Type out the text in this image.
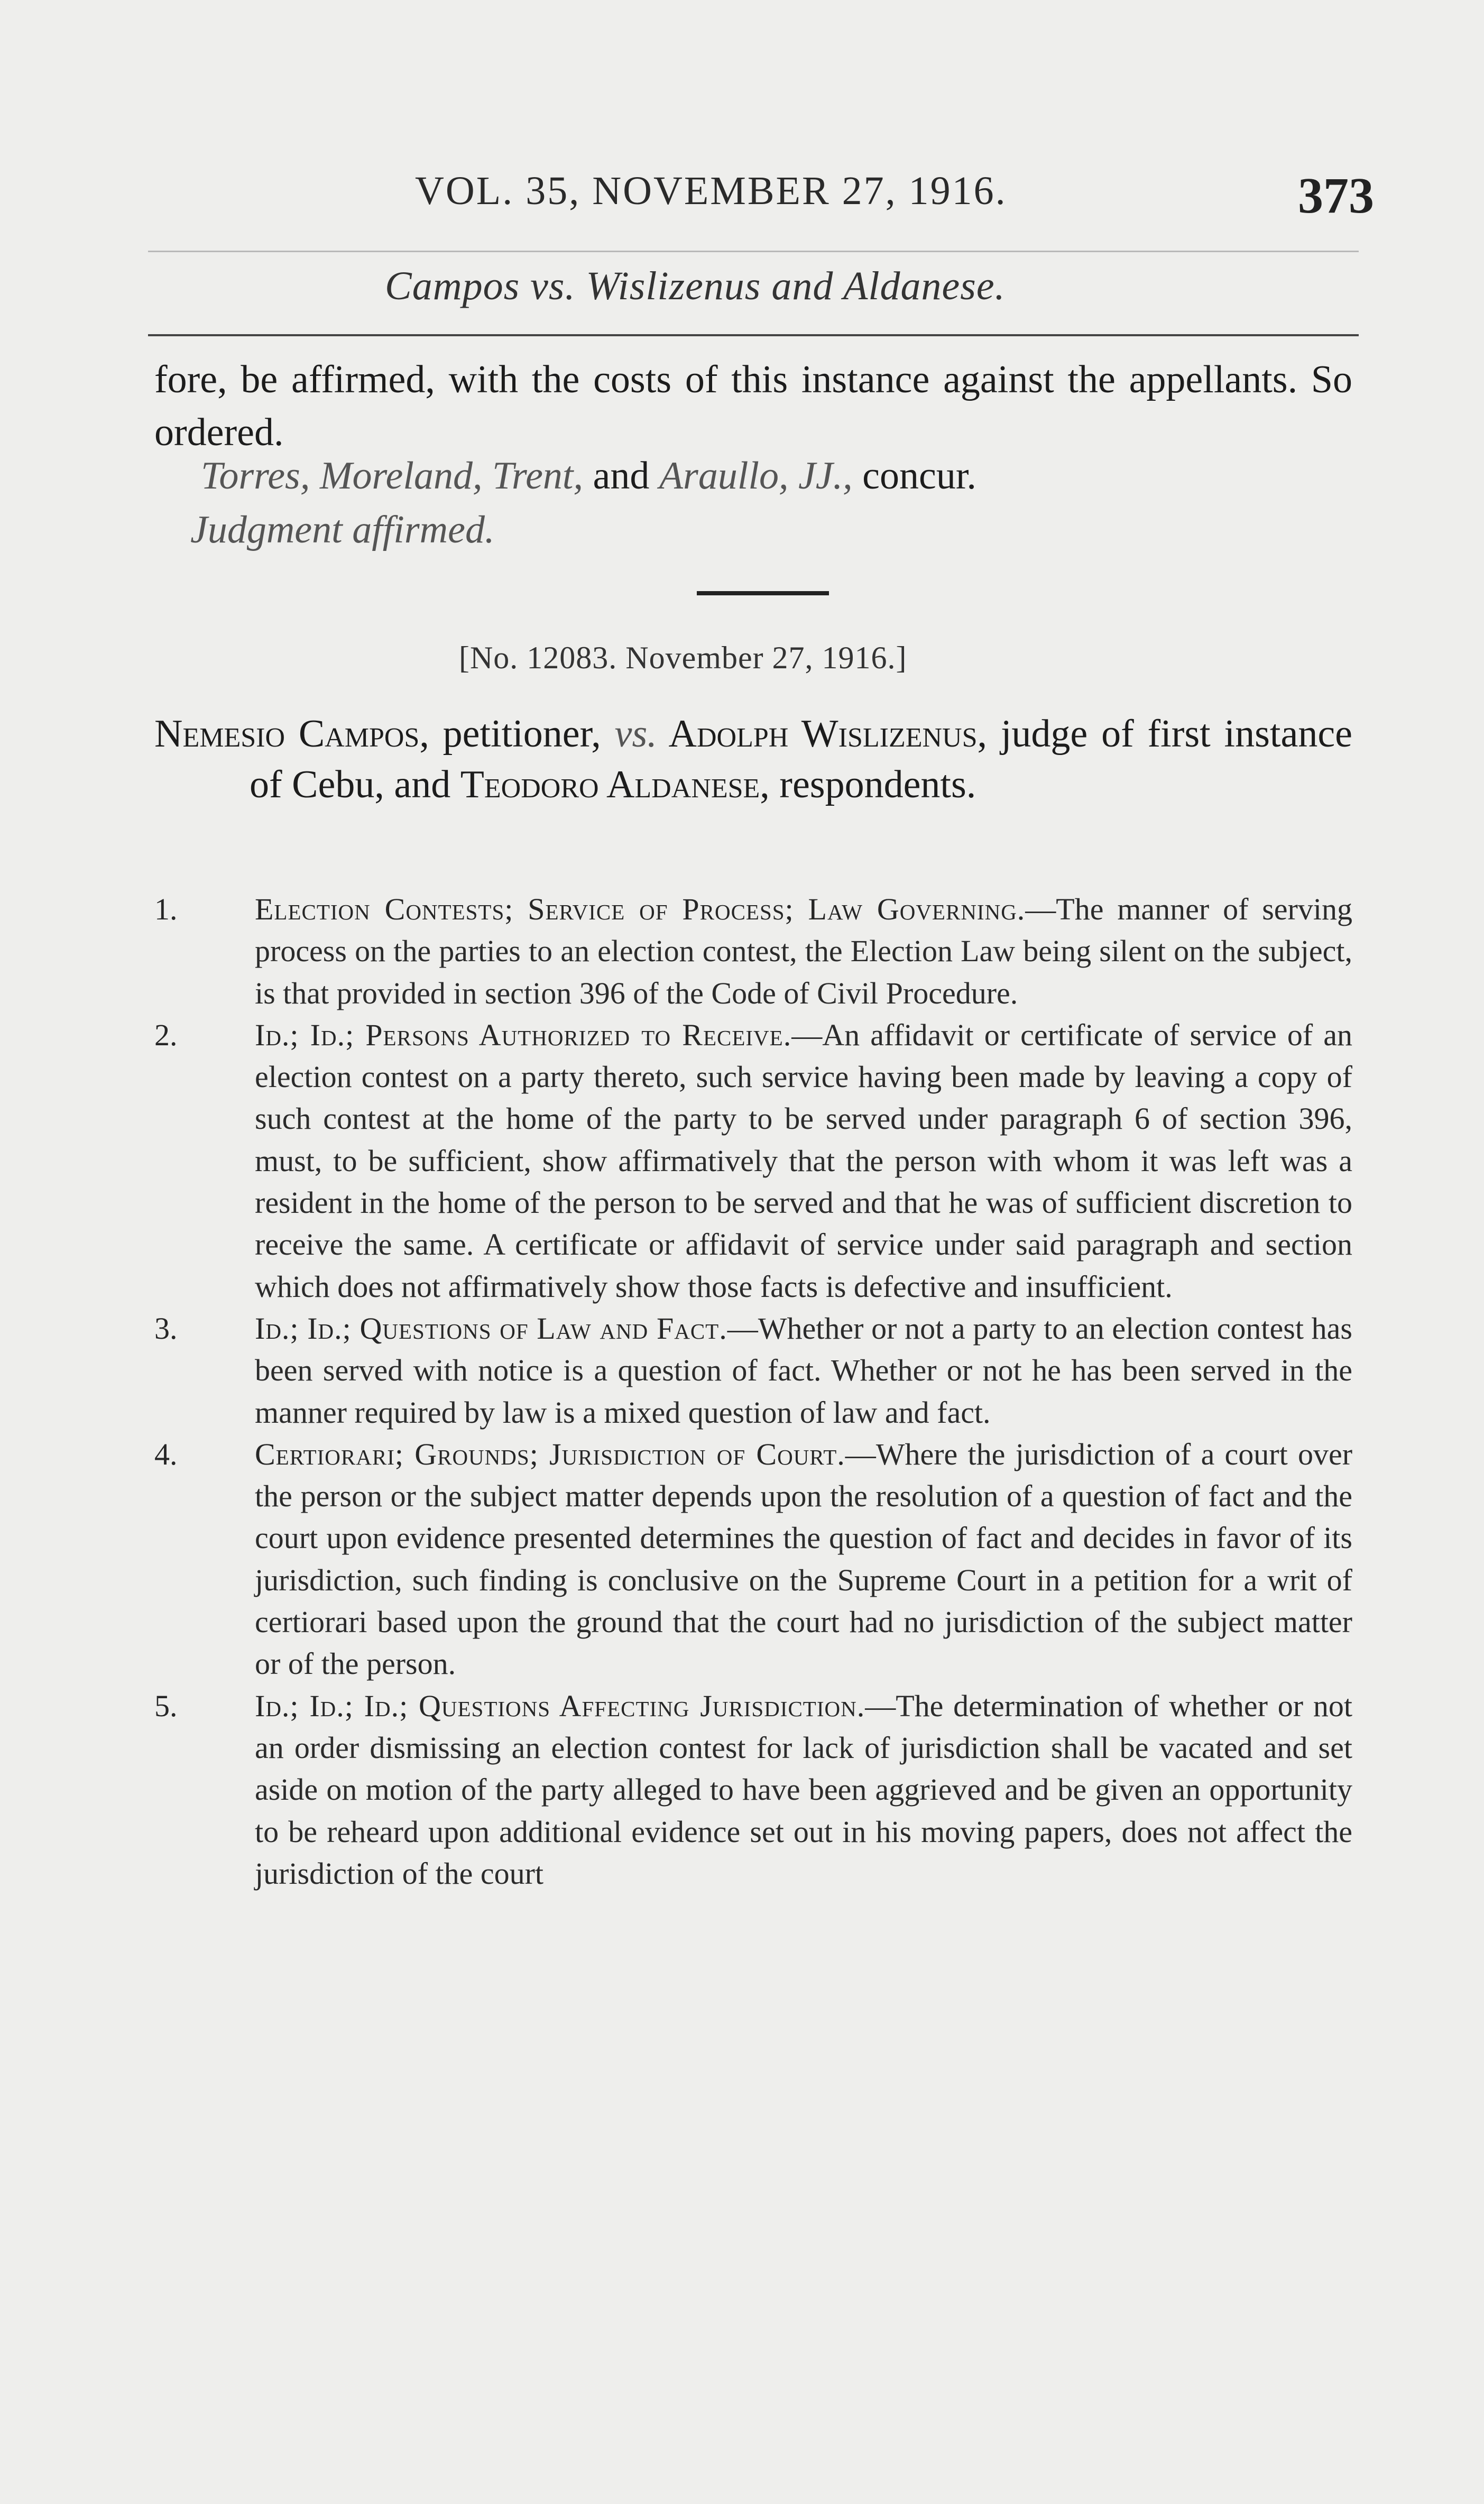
VOL. 35, NOVEMBER 27, 1916.	373
Campos vs. Wislizenus and Aldanese.
fore, be affirmed, with the costs of this instance against the appellants. So ordered.
Torres, Moreland, Trent, and Araullo, JJ., concur.
Judgment affirmed.
[No. 12083. November 27, 1916.]
Nemesio Campos, petitioner, vs. Adolph Wislizenus, judge of first instance of Cebu, and Teodoro Aldanese, respondents.
1.	Election Contests; Service of Process; Law Governing.—The manner of serving process on the parties to an election contest, the Election Law being silent on the subject, is that provided in section 396 of the Code of Civil Procedure.
2.	Id.; Id.; Persons Authorized to Receive.—An affidavit or certificate of service of an election contest on a party thereto, such service having been made by leaving a copy of such contest at the home of the party to be served under paragraph 6 of section 396, must, to be sufficient, show affirmatively that the person with whom it was left was a resident in the home of the person to be served and that he was of sufficient discretion to receive the same. A certificate or affidavit of service under said paragraph and section which does not affirmatively show those facts is defective and insufficient.
3.	Id.; Id.; Questions of Law and Fact.—Whether or not a party to an election contest has been served with notice is a question of fact. Whether or not he has been served in the manner required by law is a mixed question of law and fact.
4.	Certiorari; Grounds; Jurisdiction of Court.—Where the jurisdiction of a court over the person or the subject matter depends upon the resolution of a question of fact and the court upon evidence presented determines the question of fact and decides in favor of its jurisdiction, such finding is conclusive on the Supreme Court in a petition for a writ of certiorari based upon the ground that the court had no jurisdiction of the subject matter or of the person.
5.	Id.; Id.; Id.; Questions Affecting Jurisdiction.—The determination of whether or not an order dismissing an election contest for lack of jurisdiction shall be vacated and set aside on motion of the party alleged to have been aggrieved and be given an opportunity to be reheard upon additional evidence set out in his moving papers, does not affect the jurisdiction of the court
